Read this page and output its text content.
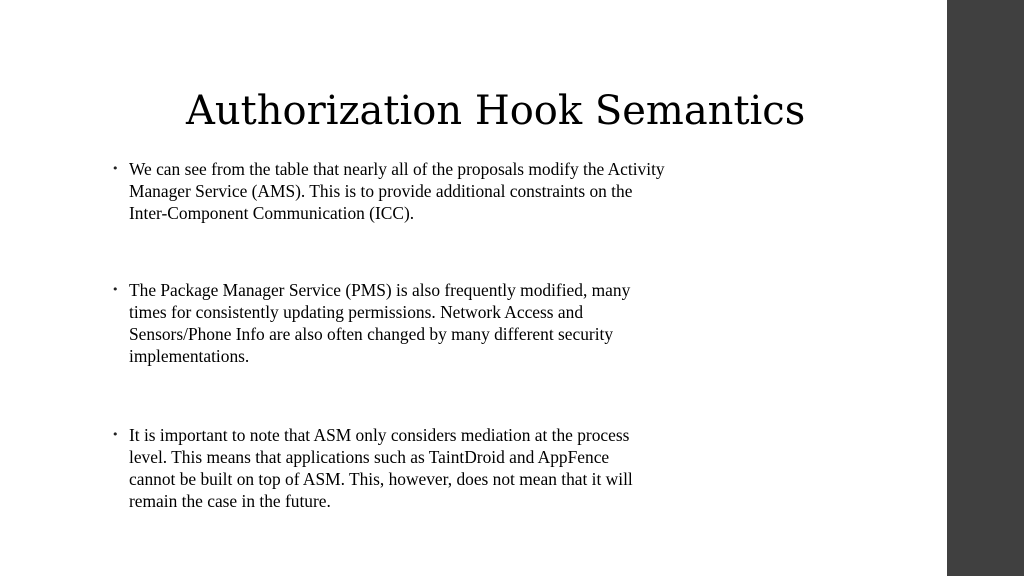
Authorization Hook Semantics
• We can see from the table that nearly all of the proposals modify the Activity
Manager Service (AMS). This is to provide additional constraints on the
Inter-Component Communication (ICC).
• The Package Manager Service (PMS) is also frequently modified, many
times for consistently updating permissions. Network Access and
Sensors/Phone Info are also often changed by many different security
implementations.
• It is important to note that ASM only considers mediation at the process
level. This means that applications such as TaintDroid and AppFence
cannot be built on top of ASM. This, however, does not mean that it will
remain the case in the future.
